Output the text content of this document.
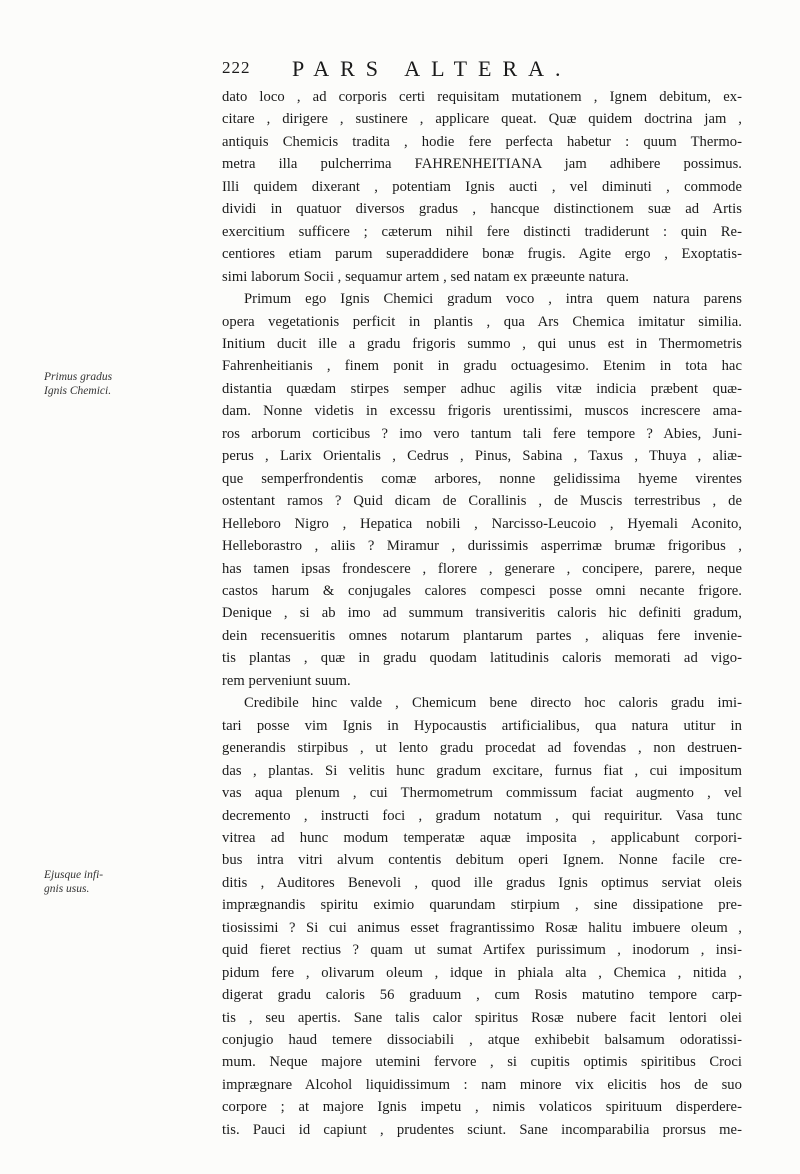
222 PARS ALTERA.
Primus gradus
Ignis Chemici.
Ejusque infi-
gnis usus.
dato loco , ad corporis certi requisitam mutationem , Ignem debitum, ex-
citare , dirigere , sustinere , applicare queat. Quæ quidem doctrina jam ,
antiquis Chemicis tradita , hodie fere perfecta habetur : quum Thermo-
metra illa pulcherrima FAHRENHEITIANA jam adhibere possimus.
Illi quidem dixerant , potentiam Ignis aucti , vel diminuti , commode
dividi in quatuor diversos gradus , hancque distinctionem suæ ad Artis
exercitium sufficere ; cæterum nihil fere distincti tradiderunt : quin Re-
centiores etiam parum superaddidere bonæ frugis. Agite ergo , Exoptatis-
simi laborum Socii , sequamur artem , sed natam ex præeunte natura.
Primum ego Ignis Chemici gradum voco , intra quem natura parens
opera vegetationis perficit in plantis , qua Ars Chemica imitatur similia.
Initium ducit ille a gradu frigoris summo , qui unus est in Thermometris
Fahrenheitianis , finem ponit in gradu octuagesimo. Etenim in tota hac
distantia quædam stirpes semper adhuc agilis vitæ indicia præbent quæ-
dam. Nonne videtis in excessu frigoris urentissimi, muscos increscere ama-
ros arborum corticibus ? imo vero tantum tali fere tempore ? Abies, Juni-
perus , Larix Orientalis , Cedrus , Pinus, Sabina , Taxus , Thuya , aliæ-
que semperfrondentis comæ arbores, nonne gelidissima hyeme virentes
ostentant ramos ? Quid dicam de Corallinis , de Muscis terrestribus , de
Helleboro Nigro , Hepatica nobili , Narcisso-Leucoio , Hyemali Aconito,
Helleborastro , aliis ? Miramur , durissimis asperrimæ brumæ frigoribus ,
has tamen ipsas frondescere , florere , generare , concipere, parere, neque
castos harum & conjugales calores compesci posse omni necante frigore.
Denique , si ab imo ad summum transiveritis caloris hic definiti gradum,
dein recensueritis omnes notarum plantarum partes , aliquas fere invenie-
tis plantas , quæ in gradu quodam latitudinis caloris memorati ad vigo-
rem perveniunt suum.
Credibile hinc valde , Chemicum bene directo hoc caloris gradu imi-
tari posse vim Ignis in Hypocaustis artificialibus, qua natura utitur in
generandis stirpibus , ut lento gradu procedat ad fovendas , non destruen-
das , plantas. Si velitis hunc gradum excitare, furnus fiat , cui impositum
vas aqua plenum , cui Thermometrum commissum faciat augmento , vel
decremento , instructi foci , gradum notatum , qui requiritur. Vasa tunc
vitrea ad hunc modum temperatæ aquæ imposita , applicabunt corpori-
bus intra vitri alvum contentis debitum operi Ignem. Nonne facile cre-
ditis , Auditores Benevoli , quod ille gradus Ignis optimus serviat oleis
imprægnandis spiritu eximio quarundam stirpium , sine dissipatione pre-
tiosissimi ? Si cui animus esset fragrantissimo Rosæ halitu imbuere oleum ,
quid fieret rectius ? quam ut sumat Artifex purissimum , inodorum , insi-
pidum fere , olivarum oleum , idque in phiala alta , Chemica , nitida ,
digerat gradu caloris 56 graduum , cum Rosis matutino tempore carp-
tis , seu apertis. Sane talis calor spiritus Rosæ nubere facit lentori olei
conjugio haud temere dissociabili , atque exhibebit balsamum odoratissi-
mum. Neque majore utemini fervore , si cupitis optimis spiritibus Croci
imprægnare Alcohol liquidissimum : nam minore vix elicitis hos de suo
corpore ; at majore Ignis impetu , nimis volaticos spirituum disperdere-
tis. Pauci id capiunt , prudentes sciunt. Sane incomparabilia prorsus me-
